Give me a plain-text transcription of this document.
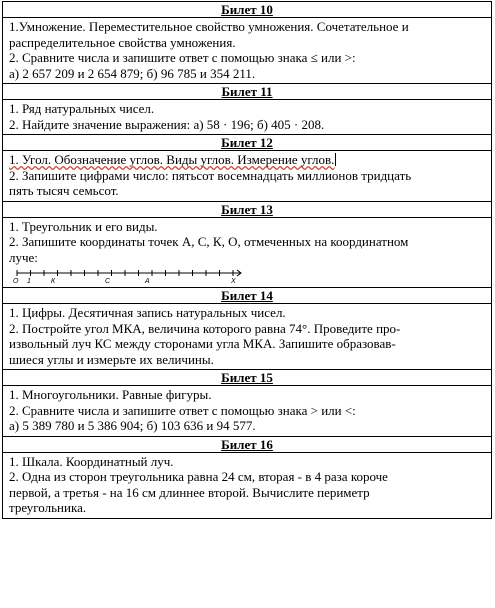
Билет 10

1.Умножение. Переместительное свойство умножения. Сочетательное и
распределительное свойства умножения.
2. Сравните числа и запишите ответ с помощью знака ≤ или >:
а) 2 657 209 и 2 654 879; б) 96 785 и 354 211.

Билет 11

1. Ряд натуральных чисел.
2. Найдите значение выражения: а) 58 · 196; б) 405 · 208.

Билет 12

1. Угол. Обозначение углов. Виды углов. Измерение углов.
2. Запишите цифрами число: пятьсот восемнадцать миллионов тридцать
пять тысяч семьсот.

Билет 13

1. Треугольник и его виды.
2. Запишите координаты точек А, С, К, О, отмеченных на координатном
луче:
О 1	К	С	А	Х

Билет 14

1. Цифры. Десятичная запись натуральных чисел.
2. Постройте угол МКА, величина которого равна 74°. Проведите про-
извольный луч КС между сторонами угла МКА. Запишите образовав-
шиеся углы и измерьте их величины.

Билет 15

1. Многоугольники. Равные фигуры.
2. Сравните числа и запишите ответ с помощью знака > или <:
а) 5 389 780 и 5 386 904; б) 103 636 и 94 577.

Билет 16

1. Шкала. Координатный луч.
2. Одна из сторон треугольника равна 24 см, вторая - в 4 раза короче
первой, а третья - на 16 см длиннее второй. Вычислите периметр
треугольника.
